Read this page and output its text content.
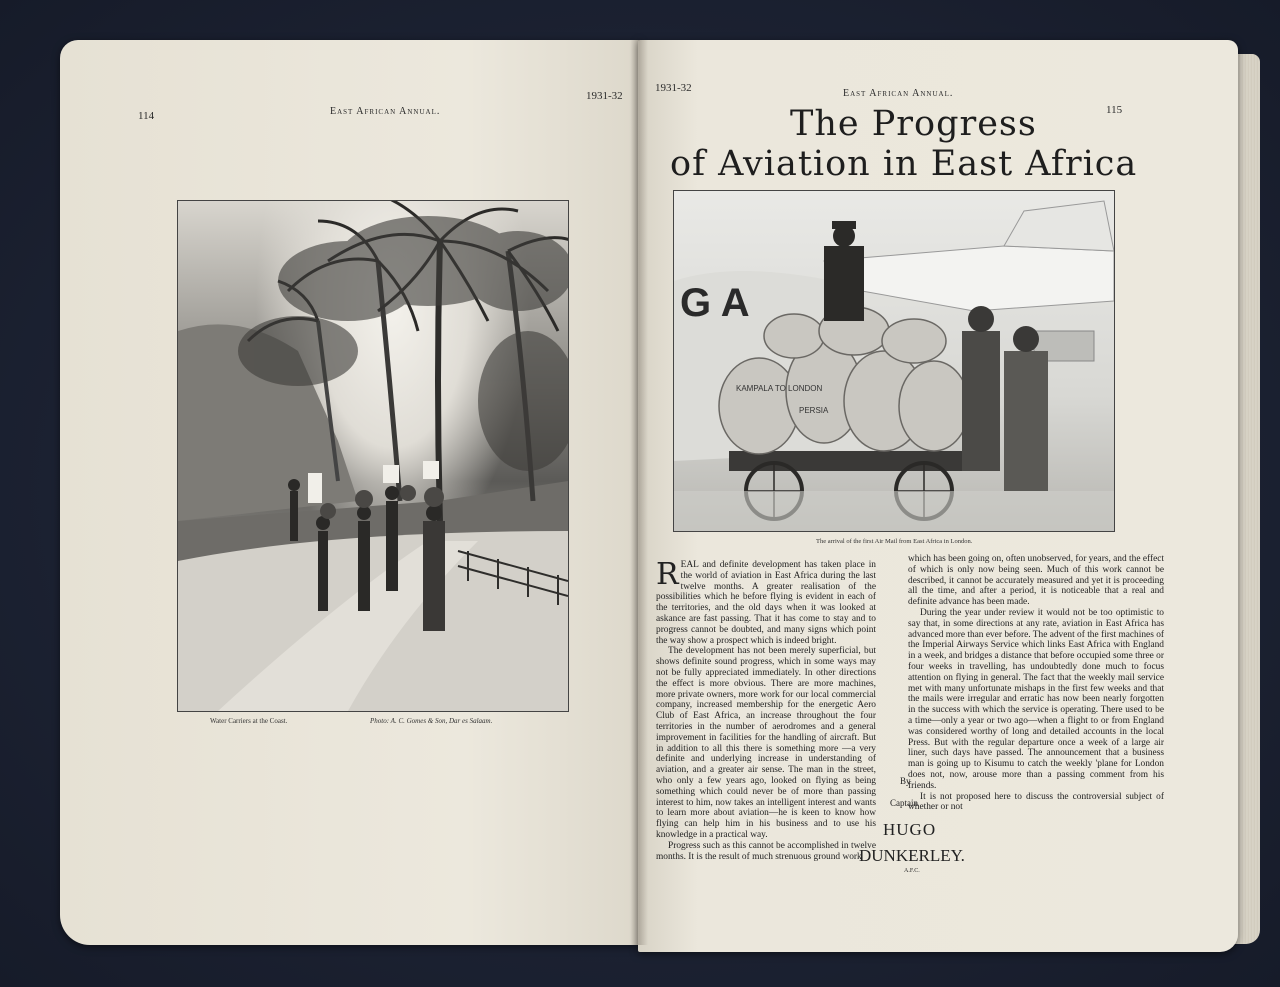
114	East African Annual.
1931-32
Water Carriers at the Coast.	Photo: A. C. Gomes & Son, Dar es Salaam.
1931-32	East African Annual.
115
The Progress
of Aviation in East Africa
G A
KAMPALA TO LONDON
PERSIA
The arrival of the first Air Mail from East Africa in London.

REAL and definite development has taken place in the world of aviation in East Africa during the last twelve months. A greater realisation of the possibilities which he before flying is evident in each of the territories, and the old days when it was looked at askance are fast passing. That it has come to stay and to progress cannot be doubted, and many signs which point the way show a prospect which is indeed bright.

The development has not been merely superficial, but shows definite sound progress, which in some ways may not be fully appreciated immediately. In other directions the effect is more obvious. There are more machines, more private owners, more work for our local commercial company, increased membership for the energetic Aero Club of East Africa, an increase throughout the four territories in the number of aerodromes and a general improvement in facilities for the handling of aircraft. But in addition to all this there is something more —a very definite and underlying increase in understanding of aviation, and a greater air sense. The man in the street, who only a few years ago, looked on flying as being something which could never be of more than passing interest to him, now takes an intelligent interest and wants to learn more about aviation—he is keen to know how flying can help him in his business and to use his knowledge in a practical way.

Progress such as this cannot be accomplished in twelve months. It is the result of much strenuous ground work

By
Captain
HUGO
DUNKERLEY.
A.F.C.

which has been going on, often unobserved, for years, and the effect of which is only now being seen. Much of this work cannot be described, it cannot be accurately measured and yet it is proceeding all the time, and after a period, it is noticeable that a real and definite advance has been made.

During the year under review it would not be too optimistic to say that, in some directions at any rate, aviation in East Africa has advanced more than ever before. The advent of the first machines of the Imperial Airways Service which links East Africa with England in a week, and bridges a distance that before occupied some three or four weeks in travelling, has undoubtedly done much to focus attention on flying in general. The fact that the weekly mail service met with many unfortunate mishaps in the first few weeks and that the mails were irregular and erratic has now been nearly forgotten in the success with which the service is operating. There used to be a time—only a year or two ago—when a flight to or from England was considered worthy of long and detailed accounts in the local Press. But with the regular departure once a week of a large air liner, such days have passed. The announcement that a business man is going up to Kisumu to catch the weekly 'plane for London does not, now, arouse more than a passing comment from his friends.

It is not proposed here to discuss the controversial subject of whether or not
